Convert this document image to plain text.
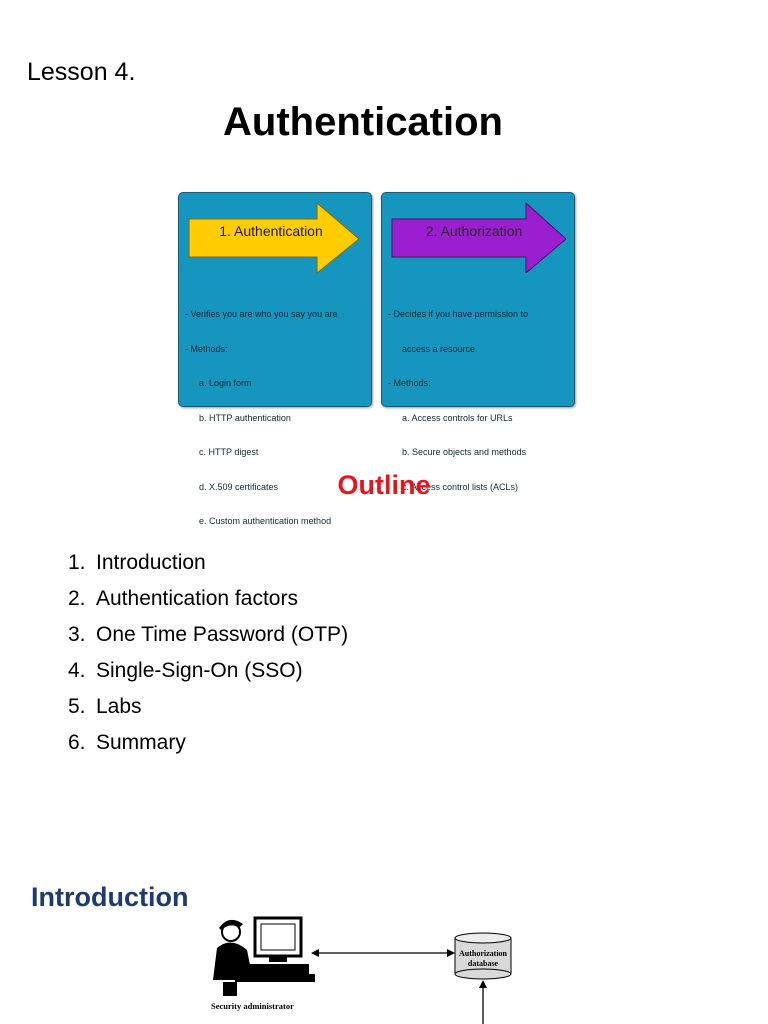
Lesson 4.
Authentication
1. Authentication

- Verifies you are who you say you are

- Methods:

a. Login form

b. HTTP authentication

c. HTTP digest

d. X.509 certificates

e. Custom authentication method

2. Authorization

- Decides if you have permission to

access a resource

- Methods:

a. Access controls for URLs

b. Secure objects and methods

c. Access control lists (ACLs)

Outline
1. Introduction
2. Authentication factors
3. One Time Password (OTP)
4. Single-Sign-On (SSO)
5. Labs
6. Summary
Introduction
Security administrator
Authorization
database
